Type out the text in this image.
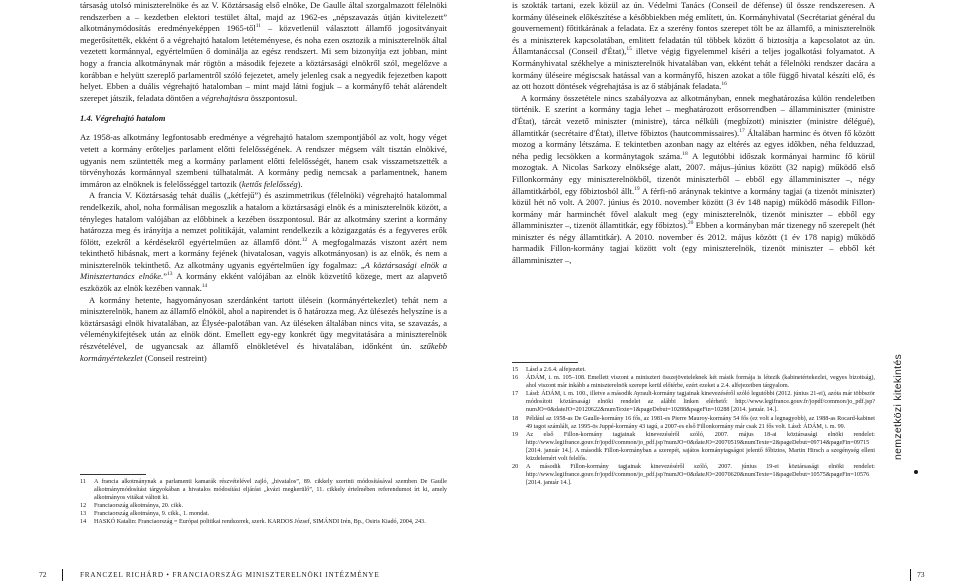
társaság utolsó miniszterelnöke és az V. Köztársaság első elnöke, De Gaulle által szorgalmazott félelnöki rendszerben a – kezdetben elektori testület által, majd az 1962-es „népszavazás útján kivitelezett” alkotmánymódosítás eredményeképpen 1965-től$^{11}$ – közvetlenül választott államfő jogosítványait megerősítették, ekként ő a végrehajtó hatalom letéteményese, és noha ezen osztozik a miniszterelnök által vezetett kormánnyal, egyértelműen ő dominálja az egész rendszert. Mi sem bizonyítja ezt jobban, mint hogy a francia alkotmánynak már rögtön a második fejezete a köztársasági elnökről szól, megelőzve a korábban e helyütt szereplő parlamentről szóló fejezetet, amely jelenleg csak a negyedik fejezetben kapott helyet. Ebben a duális végrehajtó hatalomban – mint majd látni fogjuk – a kormányfő tehát alárendelt szerepet játszik, feladata döntően a végrehajtásra összpontosul.

1.4. Végrehajtó hatalom

Az 1958-as alkotmány legfontosabb eredménye a végrehajtó hatalom szempontjából az volt, hogy véget vetett a kormány erőteljes parlament előtti felelősségének. A rendszer mégsem vált tisztán elnökivé, ugyanis nem szüntették meg a kormány parlament előtti felelősségét, hanem csak visszametszették a törvényhozás kormánnyal szembeni túlhatalmát. A kormány pedig nemcsak a parlamentnek, hanem immáron az elnöknek is felelősséggel tartozik (kettős felelősség).

A francia V. Köztársaság tehát duális („kétfejű”) és aszimmetrikus (félelnöki) végrehajtó hatalommal rendelkezik, ahol, noha formálisan megoszlik a hatalom a köztársasági elnök és a miniszterelnök között, a tényleges hatalom valójában az előbbinek a kezében összpontosul. Bár az alkotmány szerint a kormány határozza meg és irányítja a nemzet politikáját, valamint rendelkezik a közigazgatás és a fegyveres erők fölött, ezekről a kérdésekről egyértelműen az államfő dönt.$^{12}$ A megfogalmazás viszont azért nem tekinthető hibásnak, mert a kormány fejének (hivatalosan, vagyis alkotmányosan) is az elnök, és nem a miniszterelnök tekinthető. Az alkotmány ugyanis egyértelműen így fogalmaz: „A köztársasági elnök a Minisztertanács elnöke.”$^{13}$ A kormány ekként valójában az elnök közvetítő közege, mert az alapvető eszközök az elnök kezében vannak.$^{14}$

A kormány hetente, hagyományosan szerdánként tartott ülésein (kormányértekezlet) tehát nem a miniszterelnök, hanem az államfő elnököl, ahol a napirendet is ő határozza meg. Az ülésezés helyszíne is a köztársasági elnök hivatalában, az Élysée-palotában van. Az üléseken általában nincs vita, se szavazás, a véleménykifejtések után az elnök dönt. Emellett egy-egy konkrét ügy megvitatására a miniszterelnök részvételével, de ugyancsak az államfő elnökletével és hivatalában, időnként ún. szűkebb kormányértekezlet (Conseil restreint)

11	A francia alkotmánynak a parlamenti kamarák részvételével zajló, „hivatalos”, 89. cikkely szerinti módosításával szemben De Gaulle alkotmánymódosítást tárgyokában a hivatalos módosítási eljárást „kvázi megkerülő”, 11. cikkely értelmében referendumot írt ki, amely alkotmányos vitákat váltott ki.
12	Franciaország alkotmánya, 20. cikk.
13	Franciaország alkotmánya, 9. cikk., 1. mondat.
14	HASKÓ Katalin: Franciaország = Európai politikai rendszerek, szerk. KARDOS József, SIMÁNDI Irén, Bp., Osiris Kiadó, 2004, 243.
72	FRANCZEL RICHÁRD • FRANCIAORSZÁG MINISZTERELNÖKI INTÉZMÉNYE

is szokták tartani, ezek közül az ún. Védelmi Tanács (Conseil de défense) ül össze rendszeresen. A kormány üléseinek előkészítése a későbbiekben még említett, ún. Kormányhivatal (Secrétariat général du gouvernement) főtitkárának a feladata. Ez a szerény fontos szerepet tölt be az államfő, a miniszterelnök és a miniszterek kapcsolatában, emlitett feladatán túl többek között ő biztosítja a kapcsolatot az ún. Államtanáccsal (Conseil d'État),$^{15}$ illetve végig figyelemmel kíséri a teljes jogalkotási folyamatot. A Kormányhivatal székhelye a miniszterelnök hivatalában van, ekként tehát a félelnöki rendszer dacára a kormány üléseire mégiscsak hatással van a kormányfő, hiszen azokat a tőle függő hivatal készíti elő, és az ott hozott döntések végrehajtása is az ő stábjának feladata.$^{16}$

A kormány összetétele nincs szabályozva az alkotmányban, ennek meghatározása külön rendeletben történik. E szerint a kormány tagja lehet – meghatározott erősorrendben – államminiszter (ministre d'État), tárcát vezető miniszter (ministre), tárca nélküli (megbízott) miniszter (ministre délégué), államtitkár (secrétaire d'État), illetve főbiztos (hautcommissaires).$^{17}$ Általában harminc és ötven fő között mozog a kormány létszáma. E tekintetben azonban nagy az eltérés az egyes időkben, néha felduzzad, néha pedig lecsökken a kormánytagok száma.$^{18}$ A legutóbbi időszak kormányai harminc fő körül mozogtak. A Nicolas Sarkozy elnöksége alatt, 2007. május–június között (32 napig) működő első Fillonkormány egy miniszterelnökből, tizenöt miniszterből – ebből egy államminiszter –, négy államtitkárból, egy főbiztosból állt.$^{19}$ A férfi-nő aránynak tekintve a kormány tagjai (a tizenöt miniszter) közül hét nő volt. A 2007. június és 2010. november között (3 év 148 napig) működő második Fillon-kormány már harminchét fővel alakult meg (egy miniszterelnök, tizenöt miniszter – ebből egy államminiszter –, tizenöt államtitkár, egy főbiztos).$^{20}$ Ebben a kormányban már tizenegy nő szerepelt (hét miniszter és négy államtitkár). A 2010. november és 2012. május között (1 év 178 napig) működő harmadik Fillon-kormány tagjai között volt (egy miniszterelnök, tizenöt miniszter – ebből két államminiszter –,

15	Lásd a 2.6.4. alfejezetet.
16	ÁDÁM, i. m. 105–108. Emellett viszont a miniszteri összejöveteleknek két másik formája is létezik (kabinetértekezlet, vegyes bizottság), ahol viszont már inkább a miniszterelnök szerepe kerül előtérbe, ezért ezeket a 2.4. alfejezetben tárgyalom.
17	Lásd: ÁDÁM, i. m. 100., illetve a második Ayrault-kormány tagjainak kinevezéséről szóló legutóbbi (2012. június 21-ei), azóta már többször módosított köztársasági elnöki rendelet az alábbi linken elérhető: http://www.legifrance.gouv.fr/jopdf/common/jo_pdf.jsp?numJO=0&dateJO=20120622&numTexte=1&pageDebut=10288&pageFin=10288 [2014. január. 14.].
18	Például az 1958-as De Gaulle-kormány 16 fős, az 1981-es Pierre Mauroy-kormány 54 fős (ez volt a legnagyobb), az 1988-as Rocard-kabinet 49 tagot számlált, az 1995-ös Juppé-kormány 43 tagú, a 2007-es első Fillonkormány már csak 21 fős volt. Lásd: ÁDÁM, i. m. 99.
19	Az első Fillon-kormány tagjainak kinevezéséről szóló, 2007. május 18-ai köztársasági elnöki rendelet: http://www.legifrance.gouv.fr/jopdf/common/jo_pdf.jsp?numJO=0&dateJO=20070519&numTexte=2&pageDebut=09714&pageFin=09715 [2014. január 14.]. A második Fillon-kormányban a szerepét, sajátos kormánytagságot jelentő főbiztos, Martin Hirsch a szegénység elleni küzdelemért volt felelős.
20	A második Fillon-kormány tagjainak kinevezéséről szóló, 2007. június 19-ei köztársasági elnöki rendelet: http://www.legifrance.gouv.fr/jopdf/common/jo_pdf.jsp?numJO=0&dateJO=20070620&numTexte=1&pageDebut=10575&pageFin=10576 [2014. január 14.].
nemzetközi kitekintés
73
